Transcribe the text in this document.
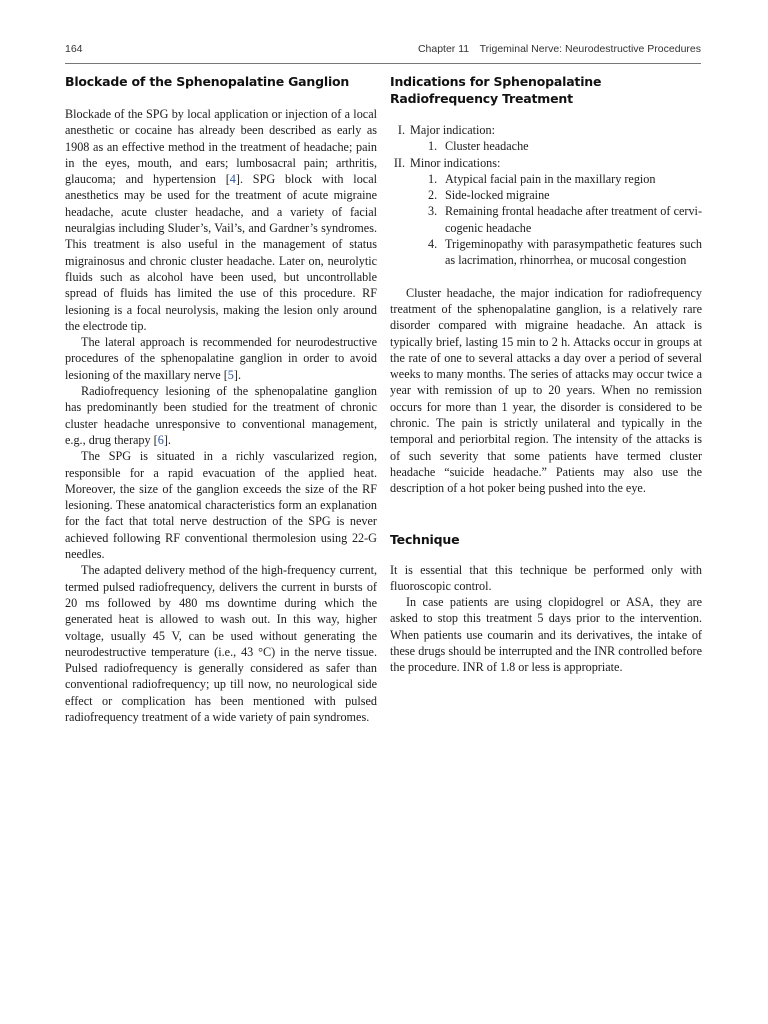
164	Chapter 11 Trigeminal Nerve: Neurodestructive Procedures
Blockade of the Sphenopalatine Ganglion

Blockade of the SPG by local application or injection of a local anesthetic or cocaine has already been described as early as 1908 as an effective method in the treatment of headache; pain in the eyes, mouth, and ears; lumbosacral pain; arthritis, glaucoma; and hypertension [4]. SPG block with local anesthetics may be used for the treatment of acute migraine headache, acute cluster headache, and a variety of facial neuralgias including Sluder’s, Vail’s, and Gardner’s syndromes. This treatment is also useful in the management of status migrainosus and chronic cluster headache. Later on, neurolytic fluids such as alcohol have been used, but uncontrollable spread of fluids has limited the use of this procedure. RF lesioning is a focal neurolysis, making the lesion only around the electrode tip.

The lateral approach is recommended for neurodestructive procedures of the sphenopalatine ganglion in order to avoid lesioning of the maxillary nerve [5].

Radiofrequency lesioning of the sphenopalatine ganglion has predominantly been studied for the treatment of chronic cluster headache unresponsive to conventional management, e.g., drug therapy [6].

The SPG is situated in a richly vascularized region, responsible for a rapid evacuation of the applied heat. Moreover, the size of the ganglion exceeds the size of the RF lesioning. These anatomical characteristics form an explanation for the fact that total nerve destruction of the SPG is never achieved following RF conventional thermolesion using 22-G needles.

The adapted delivery method of the high-frequency current, termed pulsed radiofrequency, delivers the current in bursts of 20 ms followed by 480 ms downtime during which the generated heat is allowed to wash out. In this way, higher voltage, usually 45 V, can be used without generating the neurodestructive temperature (i.e., 43 °C) in the nerve tissue. Pulsed radiofrequency is generally considered as safer than conventional radiofrequency; up till now, no neurological side effect or complication has been mentioned with pulsed radiofrequency treatment of a wide variety of pain syndromes.

Indications for Sphenopalatine
Radiofrequency Treatment
I. Major indication:
1. Cluster headache
II. Minor indications:
1. Atypical facial pain in the maxillary region
2. Side-locked migraine
3. Remaining frontal headache after treatment of cervicogenic headache
4. Trigeminopathy with parasympathetic features such as lacrimation, rhinorrhea, or mucosal congestion

Cluster headache, the major indication for radiofrequency treatment of the sphenopalatine ganglion, is a relatively rare disorder compared with migraine headache. An attack is typically brief, lasting 15 min to 2 h. Attacks occur in groups at the rate of one to several attacks a day over a period of several weeks to many months. The series of attacks may occur twice a year with remission of up to 20 years. When no remission occurs for more than 1 year, the disorder is considered to be chronic. The pain is strictly unilateral and typically in the temporal and periorbital region. The intensity of the attacks is of such severity that some patients have termed cluster headache “suicide headache.” Patients may also use the description of a hot poker being pushed into the eye.

Technique

It is essential that this technique be performed only with fluoroscopic control.

In case patients are using clopidogrel or ASA, they are asked to stop this treatment 5 days prior to the intervention. When patients use coumarin and its derivatives, the intake of these drugs should be interrupted and the INR controlled before the procedure. INR of 1.8 or less is appropriate.
